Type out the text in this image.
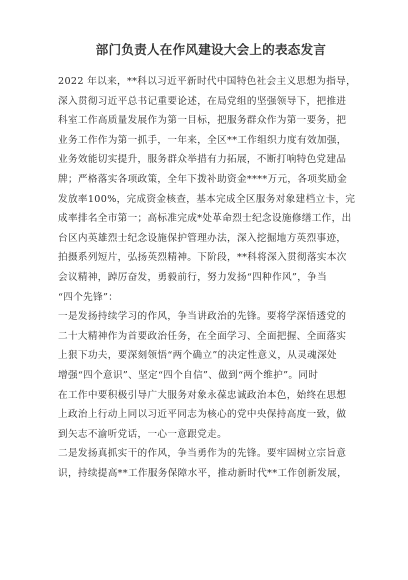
部门负责人在作风建设大会上的表态发言
2022 年以来，**科以习近平新时代中国特色社会主义思想为指导，
深入贯彻习近平总书记重要论述，在局党组的坚强领导下，把推进
科室工作高质量发展作为第一目标，把服务群众作为第一要务，把
业务工作作为第一抓手，一年来，全区**工作组织力度有效加强，
业务效能切实提升，服务群众举措有力拓展，不断打响特色党建品
牌；严格落实各项政策，全年下拨补助资金****万元，各项奖励金
发放率100%，完成资金核查，基本完成全区服务对象建档立卡，完
成率排名全市第一；高标准完成*处革命烈士纪念设施修缮工作，出
台区内英雄烈士纪念设施保护管理办法，深入挖掘地方英烈事迹，
拍摄系列短片，弘扬英烈精神。下阶段，**科将深入贯彻落实本次
会议精神，踔厉奋发，勇毅前行，努力发扬“四种作风”，争当
“四个先锋”：
一是发扬持续学习的作风，争当讲政治的先锋。要将学深悟透党的
二十大精神作为首要政治任务，在全面学习、全面把握、全面落实
上狠下功夫，要深刻领悟“两个确立”的决定性意义，从灵魂深处
增强“四个意识”、坚定“四个自信”、做到“两个维护”。同时
在工作中要积极引导广大服务对象永葆忠诚政治本色，始终在思想
上政治上行动上同以习近平同志为核心的党中央保持高度一致，做
到矢志不渝听党话，一心一意跟党走。
二是发扬真抓实干的作风，争当勇作为的先锋。要牢固树立宗旨意
识，持续提高**工作服务保障水平，推动新时代**工作创新发展，
